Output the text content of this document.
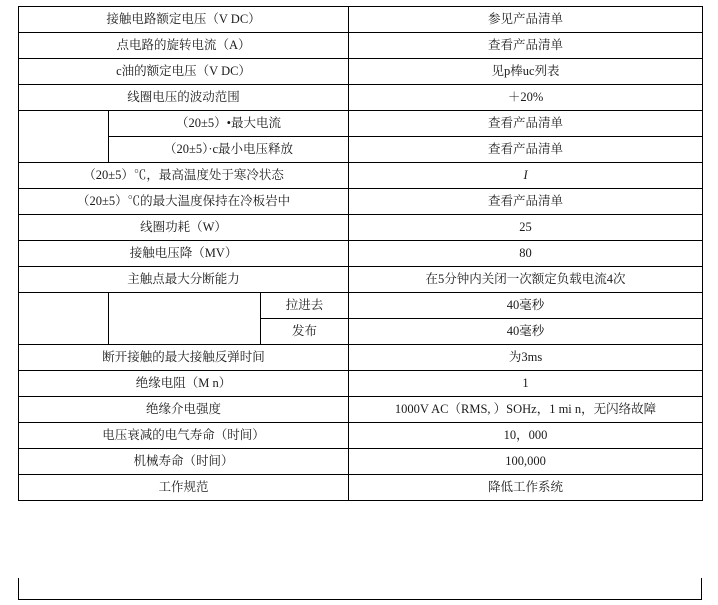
接触电路额定电压（V DC）			参见产品清单
点电路的旋转电流（A）			查看产品清单
c油的额定电压（V DC）			见p棒uc列表
线圈电压的波动范围			＋20%
	（20±5）•最大电流		查看产品清单
	（20±5）·c最小电压释放		查看产品清单
（20±5）℃，最高温度处于寒冷状态			I
（20±5）℃的最大温度保持在冷板岩中			查看产品清单
线圈功耗（W）			25
接触电压降（MV）			80
主触点最大分断能力			在5分钟内关闭一次额定负载电流4次
		拉进去	40毫秒
		发布	40毫秒
断开接触的最大接触反弹时间			为3ms
绝缘电阻（M n）			1
绝缘介电强度			1000V AC（RMS, ）SOHz，1 mi n，无闪络故障
电压衰减的电气寿命（时间）			10，000
机械寿命（时间）			100,000
工作规范			降低工作系统
